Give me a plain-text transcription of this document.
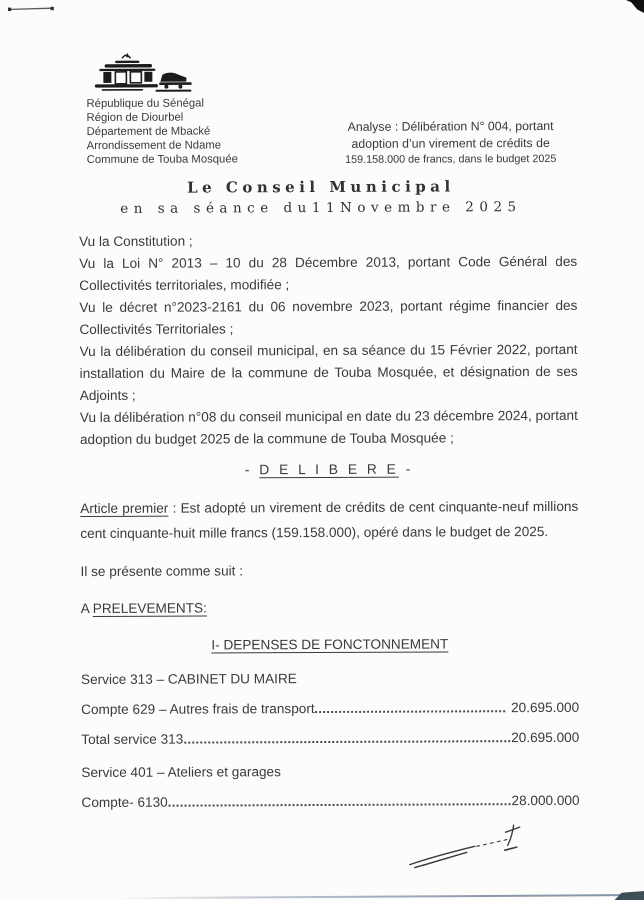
République du Sénégal
Région de Diourbel
Département de Mbacké
Arrondissement de Ndame
Commune de Touba Mosquée
Analyse : Délibération N° 004, portant
adoption d’un virement de crédits de
159.158.000 de francs, dans le budget 2025

Le Conseil Municipal

en sa séance du11Novembre 2025

Vu la Constitution ;

Vu la Loi N° 2013 – 10 du 28 Décembre 2013, portant Code Général des Collectivités territoriales, modifiée ;

Vu le décret n°2023-2161 du 06 novembre 2023, portant régime financier des Collectivités Territoriales ;

Vu la délibération du conseil municipal, en sa séance du 15 Février 2022, portant installation du Maire de la commune de Touba Mosquée, et désignation de ses Adjoints ;

Vu la délibération n°08 du conseil municipal en date du 23 décembre 2024, portant adoption du budget 2025 de la commune de Touba Mosquée ;

- D E L I B E R E -

Article premier : Est adopté un virement de crédits de cent cinquante-neuf millions cent cinquante-huit mille francs (159.158.000), opéré dans le budget de 2025.

Il se présente comme suit :

A PRELEVEMENTS:

I- DEPENSES DE FONCTONNEMENT

Service 313 – CABINET DU MAIRE
Compte 629 – Autres frais de transport	20.695.000
Total service 313	20.695.000
Service 401 – Ateliers et garages
Compte- 6130	28.000.000
